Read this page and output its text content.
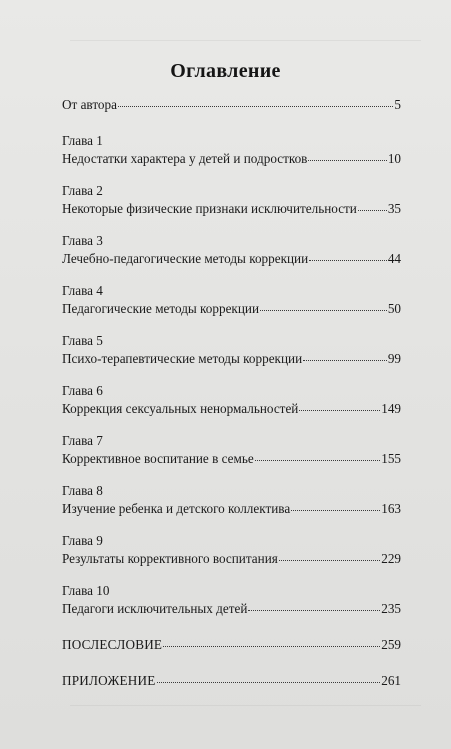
Оглавление
От автора	5
Глава 1
Недостатки характера у детей и подростков	10
Глава 2
Некоторые физические признаки исключительности 35
Глава 3
Лечебно-педагогические методы коррекции	44
Глава 4
Педагогические методы коррекции	50
Глава 5
Психо-терапевтические методы коррекции	99
Глава 6
Коррекция сексуальных ненормальностей	149
Глава 7
Коррективное воспитание в семье	155
Глава 8
Изучение ребенка и детского коллектива	163
Глава 9
Результаты коррективного воспитания	229
Глава 10
Педагоги исключительных детей	235
ПОСЛЕСЛОВИЕ	259
ПРИЛОЖЕНИЕ	261
